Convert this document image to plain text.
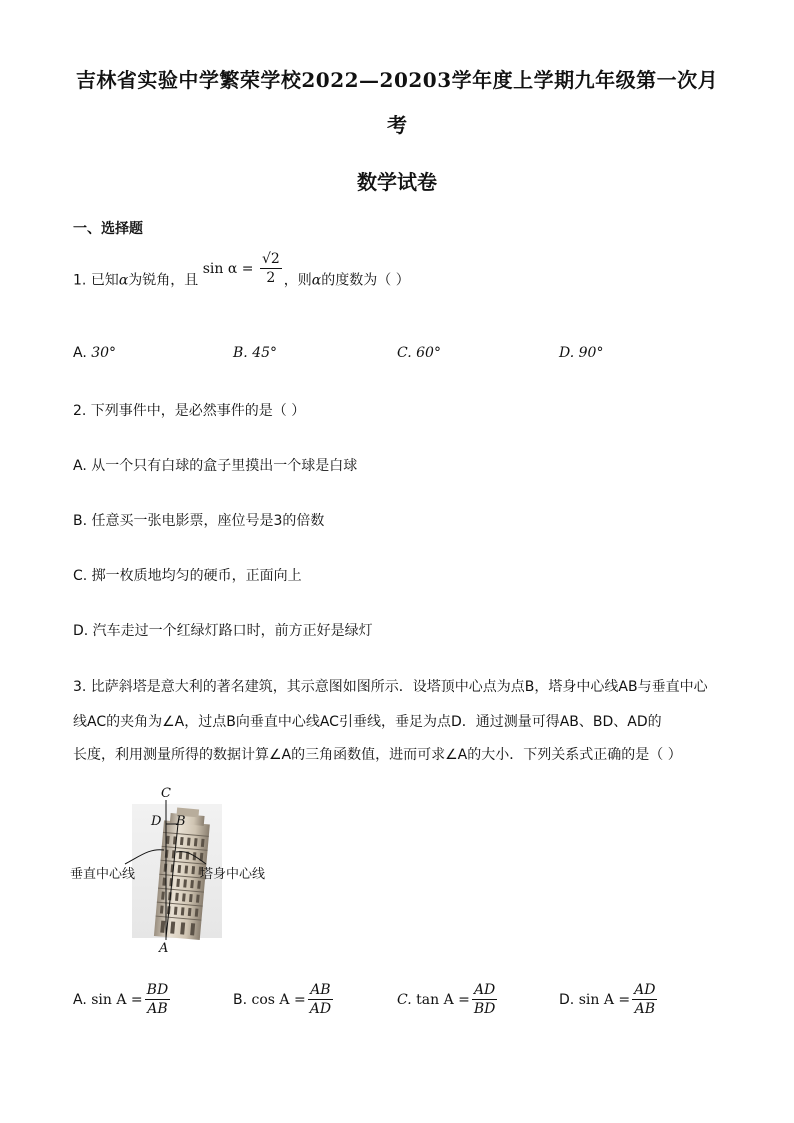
吉林省实验中学繁荣学校2022—20203学年度上学期九年级第一次月
考
数学试卷
一、选择题
1. 已知α为锐角，且 $\sin \alpha = \frac{√2}{2}$ ，则α的度数为（ ）
A. 30°	B. 45°	C. 60°	D. 90°
2. 下列事件中，是必然事件的是（ ）
A. 从一个只有白球的盒子里摸出一个球是白球
B. 任意买一张电影票，座位号是3的倍数
C. 掷一枚质地均匀的硬币，正面向上
D. 汽车走过一个红绿灯路口时，前方正好是绿灯
3. 比萨斜塔是意大利的著名建筑，其示意图如图所示．设塔顶中心点为点B，塔身中心线AB与垂直中心
线AC的夹角为∠A，过点B向垂直中心线AC引垂线，垂足为点D．通过测量可得AB、BD、AD的
长度，利用测量所得的数据计算∠A的三角函数值，进而可求∠A的大小．下列关系式正确的是（ ）
C
D B
A
垂直中心线	塔身中心线
A.
$\sin A = \frac{BD}{AB}$	B.
$\cos A = \frac{AB}{AD}$	C.
$\tan A = \frac{AD}{BD}$	D.
$\sin A = \frac{AD}{AB}$
